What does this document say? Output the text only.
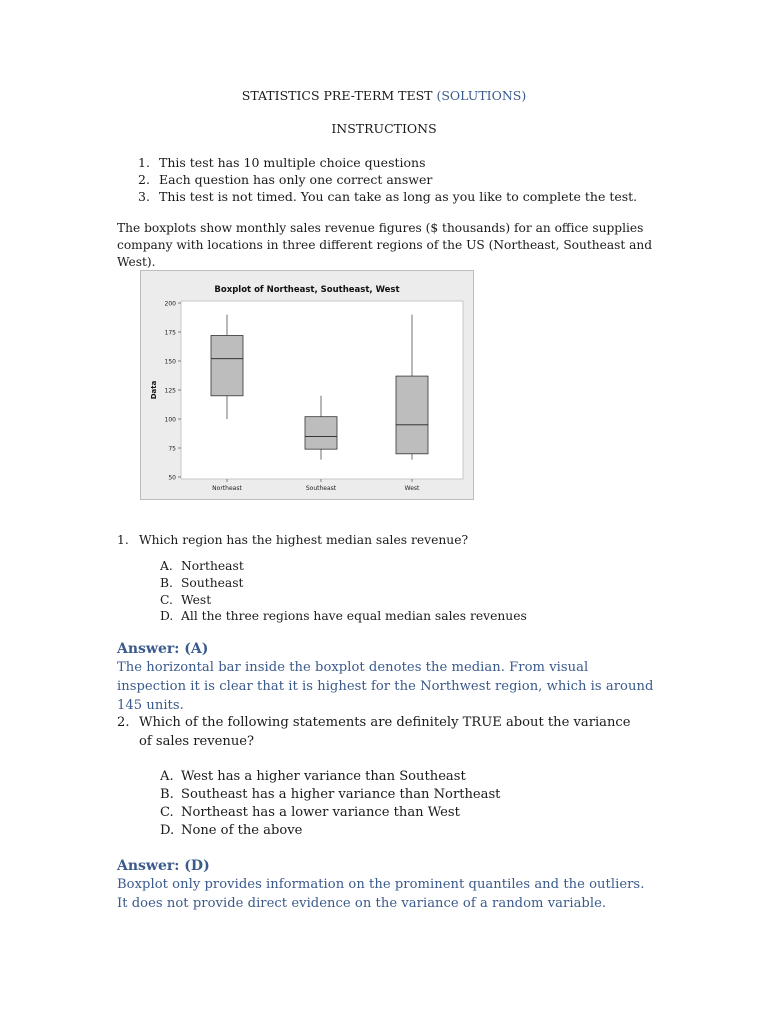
STATISTICS PRE-TERM TEST (SOLUTIONS)
INSTRUCTIONS
1. This test has 10 multiple choice questions
2. Each question has only one correct answer
3. This test is not timed. You can take as long as you like to complete the test.
The boxplots show monthly sales revenue figures ($ thousands) for an office supplies company with locations in three different regions of the US (Northeast, Southeast and West).
Boxplot of Northeast, Southeast, West
Data
50
75
100
125
150
175
200
Northeast	Southeast	West
1. Which region has the highest median sales revenue?
A. Northeast
B. Southeast
C. West
D. All the three regions have equal median sales revenues
Answer: (A)
The horizontal bar inside the boxplot denotes the median. From visual inspection it is clear that it is highest for the Northwest region, which is around 145 units.
2. Which of the following statements are definitely TRUE about the variance of sales revenue?
A. West has a higher variance than Southeast
B. Southeast has a higher variance than Northeast
C. Northeast has a lower variance than West
D. None of the above
Answer: (D)
Boxplot only provides information on the prominent quantiles and the outliers. It does not provide direct evidence on the variance of a random variable.
